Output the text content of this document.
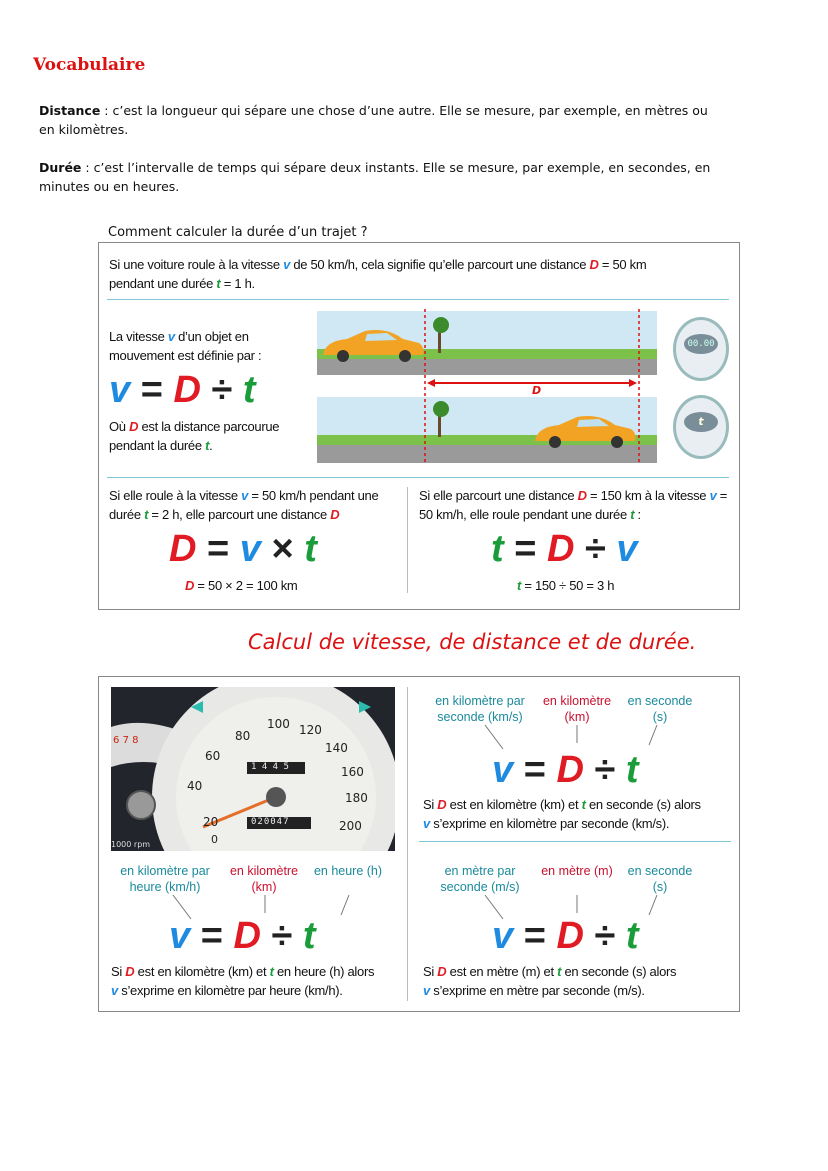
Vocabulaire
Distance : c’est la longueur qui sépare une chose d’une autre. Elle se mesure, par exemple, en mètres ou en kilomètres.
Durée : c’est l’intervalle de temps qui sépare deux instants. Elle se mesure, par exemple, en secondes, en minutes ou en heures.
Comment calculer la durée d’un trajet ?
Si une voiture roule à la vitesse v de 50 km/h, cela signifie qu’elle parcourt une distance D = 50 km
pendant une durée t = 1 h.
La vitesse v d’un objet en mouvement est définie par :
v = D ÷ t
Où D est la distance parcourue pendant la durée t.
D
00.00
t
Si elle roule à la vitesse v = 50 km/h pendant une durée t = 2 h, elle parcourt une distance D
D = v × t
D = 50 × 2 = 100 km
Si elle parcourt une distance D = 150 km à la vitesse v = 50 km/h, elle roule pendant une durée t :
t = D ÷ v
t = 150 ÷ 50 = 3 h
Calcul de vitesse, de distance et de durée.
6 7 8
20
40
60
80
100 120
140
160
180
200
1 4 4 5
020047
0	km/h
1000 rpm
en kilomètre par seconde (km/s)
en kilomètre (km)
en seconde (s)
v = D ÷ t
Si D est en kilomètre (km) et t en seconde (s) alors
v s’exprime en kilomètre par seconde (km/s).
en kilomètre par heure (km/h)
en kilomètre (km)
en heure (h)
v = D ÷ t
Si D est en kilomètre (km) et t en heure (h) alors
v s’exprime en kilomètre par heure (km/h).
en mètre par seconde (m/s)
en mètre (m) en seconde (s)
v = D ÷ t
Si D est en mètre (m) et t en seconde (s) alors
v s’exprime en mètre par seconde (m/s).
